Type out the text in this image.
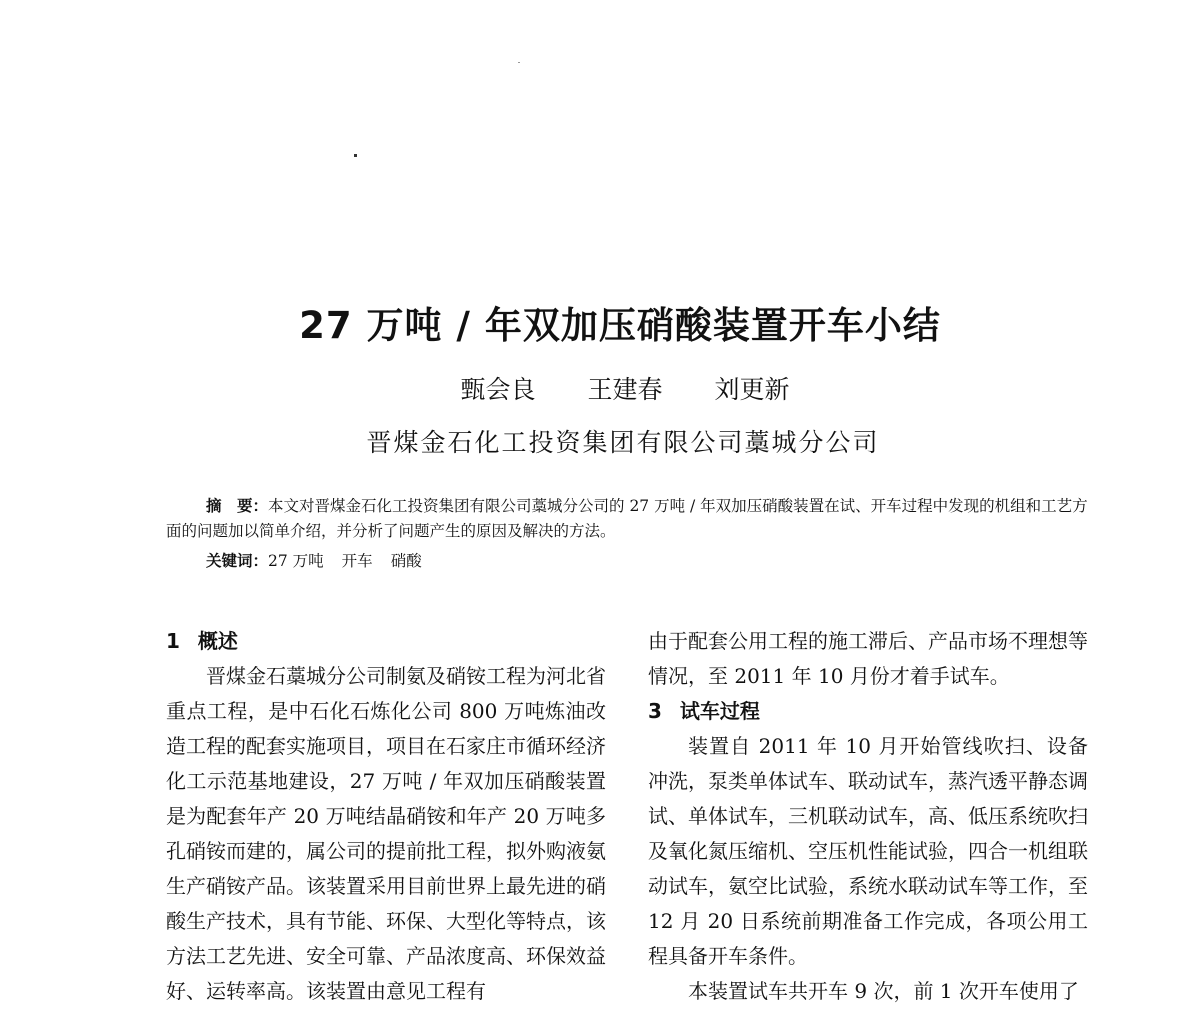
27 万吨 / 年双加压硝酸装置开车小结
甄会良 王建春 刘更新
晋煤金石化工投资集团有限公司藁城分公司

摘　要：本文对晋煤金石化工投资集团有限公司藁城分公司的 27 万吨 / 年双加压硝酸装置在试、开车过程中发现的机组和工艺方面的问题加以简单介绍，并分析了问题产生的原因及解决的方法。

关键词：27 万吨 开车 硝酸
1 概述

晋煤金石藁城分公司制氨及硝铵工程为河北省重点工程，是中石化石炼化公司 800 万吨炼油改造工程的配套实施项目，项目在石家庄市循环经济化工示范基地建设，27 万吨 / 年双加压硝酸装置是为配套年产 20 万吨结晶硝铵和年产 20 万吨多孔硝铵而建的，属公司的提前批工程，拟外购液氨生产硝铵产品。该装置采用目前世界上最先进的硝酸生产技术，具有节能、环保、大型化等特点，该方法工艺先进、安全可靠、产品浓度高、环保效益好、运转率高。该装置由意见工程有

由于配套公用工程的施工滞后、产品市场不理想等情况，至 2011 年 10 月份才着手试车。

3 试车过程

装置自 2011 年 10 月开始管线吹扫、设备冲洗，泵类单体试车、联动试车，蒸汽透平静态调试、单体试车，三机联动试车，高、低压系统吹扫及氧化氮压缩机、空压机性能试验，四合一机组联动试车，氨空比试验，系统水联动试车等工作，至 12 月 20 日系统前期准备工作完成，各项公用工程具备开车条件。

本装置试车共开车 9 次，前 1 次开车使用了
